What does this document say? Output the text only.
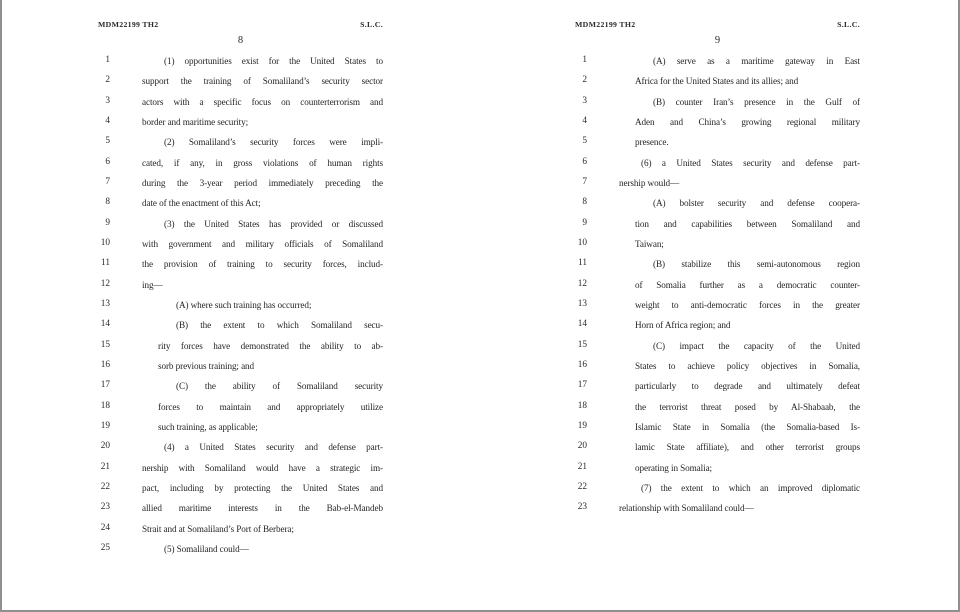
MDM22199 TH2	S.L.C.
8
1	(1) opportunities exist for the United States to
2	support the training of Somaliland’s security sector
3	actors with a specific focus on counterterrorism and
4	border and maritime security;
5	(2) Somaliland’s security forces were impli-
6	cated, if any, in gross violations of human rights
7	during the 3-year period immediately preceding the
8	date of the enactment of this Act;
9	(3) the United States has provided or discussed
10	with government and military officials of Somaliland
11	the provision of training to security forces, includ-
12	ing—
13	(A) where such training has occurred;
14	(B) the extent to which Somaliland secu-
15	rity forces have demonstrated the ability to ab-
16	sorb previous training; and
17	(C) the ability of Somaliland security
18	forces to maintain and appropriately utilize
19	such training, as applicable;
20	(4) a United States security and defense part-
21	nership with Somaliland would have a strategic im-
22	pact, including by protecting the United States and
23	allied maritime interests in the Bab-el-Mandeb
24	Strait and at Somaliland’s Port of Berbera;
25	(5) Somaliland could—
MDM22199 TH2	S.L.C.
9
1	(A) serve as a maritime gateway in East
2	Africa for the United States and its allies; and
3	(B) counter Iran’s presence in the Gulf of
4	Aden and China’s growing regional military
5	presence.
6	(6) a United States security and defense part-
7	nership would—
8	(A) bolster security and defense coopera-
9	tion and capabilities between Somaliland and
10	Taiwan;
11	(B) stabilize this semi-autonomous region
12	of Somalia further as a democratic counter-
13	weight to anti-democratic forces in the greater
14	Horn of Africa region; and
15	(C) impact the capacity of the United
16	States to achieve policy objectives in Somalia,
17	particularly to degrade and ultimately defeat
18	the terrorist threat posed by Al-Shabaab, the
19	Islamic State in Somalia (the Somalia-based Is-
20	lamic State affiliate), and other terrorist groups
21	operating in Somalia;
22	(7) the extent to which an improved diplomatic
23	relationship with Somaliland could—
